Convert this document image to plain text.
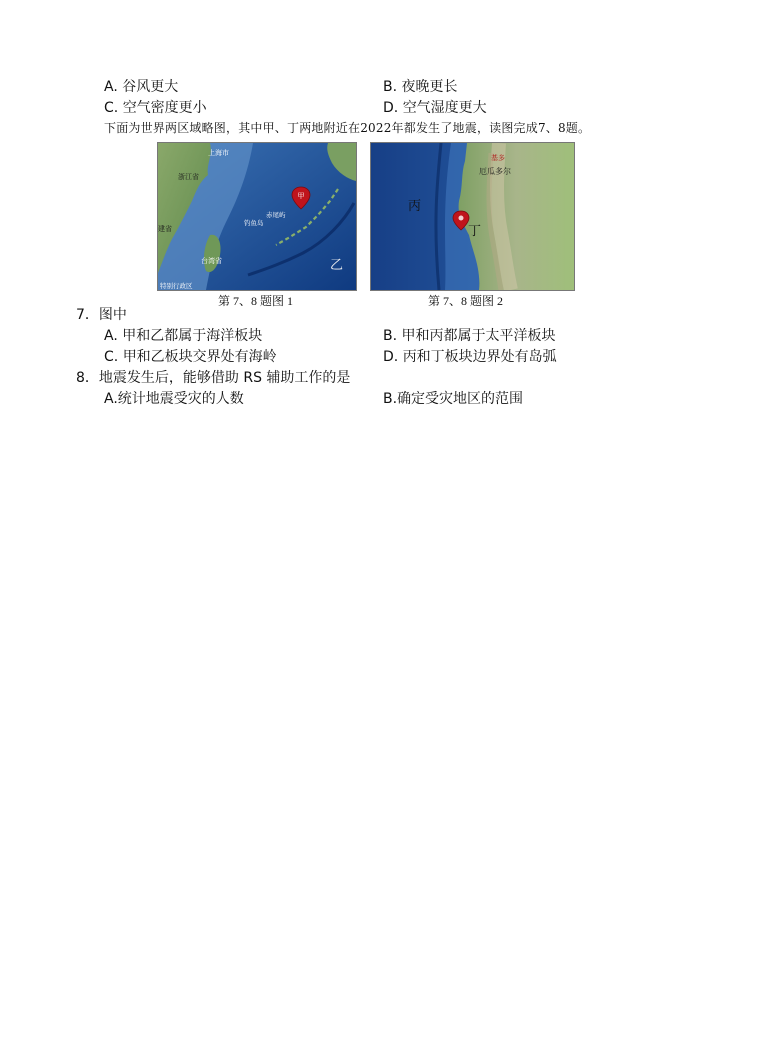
A. 谷风更大	B. 夜晚更长
C. 空气密度更小	D. 空气湿度更大
下面为世界两区域略图，其中甲、丁两地附近在2022年都发生了地震，读图完成7、8题。
上海市
浙江省
建省
钓鱼岛
赤尾屿
台湾省
特别行政区
乙
甲
基多
厄瓜多尔
丙
丁
第 7、8 题图 1	第 7、8 题图 2
7．图中
A. 甲和乙都属于海洋板块	B. 甲和丙都属于太平洋板块
C. 甲和乙板块交界处有海岭	D. 丙和丁板块边界处有岛弧
8．地震发生后，能够借助 RS 辅助工作的是
A.统计地震受灾的人数	B.确定受灾地区的范围
